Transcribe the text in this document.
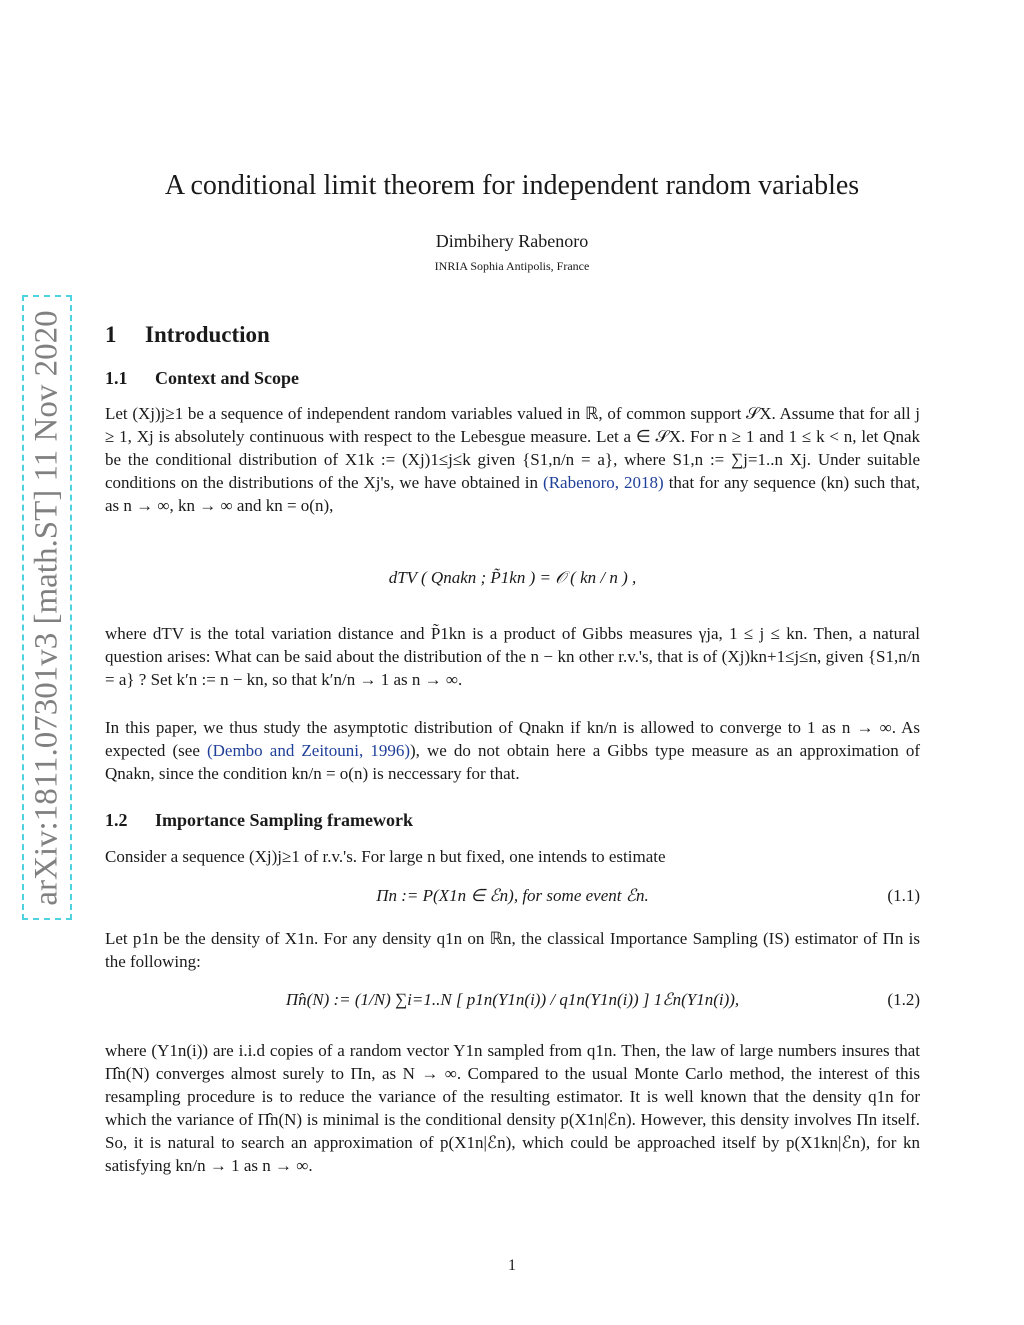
arXiv:1811.07301v3 [math.ST] 11 Nov 2020
A conditional limit theorem for independent random variables
Dimbihery Rabenoro
INRIA Sophia Antipolis, France
1 Introduction
1.1 Context and Scope
Let (Xj)j≥1 be a sequence of independent random variables valued in ℝ, of common support 𝒮X. Assume that for all j ≥ 1, Xj is absolutely continuous with respect to the Lebesgue measure. Let a ∈ 𝒮X. For n ≥ 1 and 1 ≤ k < n, let Qnak be the conditional distribution of X1k := (Xj)1≤j≤k given {S1,n/n = a}, where S1,n := ∑j=1..n Xj. Under suitable conditions on the distributions of the Xj's, we have obtained in (Rabenoro, 2018) that for any sequence (kn) such that, as n → ∞, kn → ∞ and kn = o(n),
dTV ( Qnakn ; P̃1kn ) = 𝒪 ( kn / n ) ,
where dTV is the total variation distance and P̃1kn is a product of Gibbs measures γja, 1 ≤ j ≤ kn. Then, a natural question arises: What can be said about the distribution of the n − kn other r.v.'s, that is of (Xj)kn+1≤j≤n, given {S1,n/n = a} ? Set k′n := n − kn, so that k′n/n → 1 as n → ∞.
In this paper, we thus study the asymptotic distribution of Qnakn if kn/n is allowed to converge to 1 as n → ∞. As expected (see (Dembo and Zeitouni, 1996)), we do not obtain here a Gibbs type measure as an approximation of Qnakn, since the condition kn/n = o(n) is neccessary for that.
1.2 Importance Sampling framework
Consider a sequence (Xj)j≥1 of r.v.'s. For large n but fixed, one intends to estimate
Πn := P(X1n ∈ ℰn), for some event ℰn.	(1.1)
Let p1n be the density of X1n. For any density q1n on ℝn, the classical Importance Sampling (IS) estimator of Πn is the following:
Π̂n(N) := (1/N) ∑i=1..N [ p1n(Y1n(i)) / q1n(Y1n(i)) ] 1ℰn(Y1n(i)),	(1.2)
where (Y1n(i)) are i.i.d copies of a random vector Y1n sampled from q1n. Then, the law of large numbers insures that Π̂n(N) converges almost surely to Πn, as N → ∞. Compared to the usual Monte Carlo method, the interest of this resampling procedure is to reduce the variance of the resulting estimator. It is well known that the density q1n for which the variance of Π̂n(N) is minimal is the conditional density p(X1n|ℰn). However, this density involves Πn itself. So, it is natural to search an approximation of p(X1n|ℰn), which could be approached itself by p(X1kn|ℰn), for kn satisfying kn/n → 1 as n → ∞.
1
